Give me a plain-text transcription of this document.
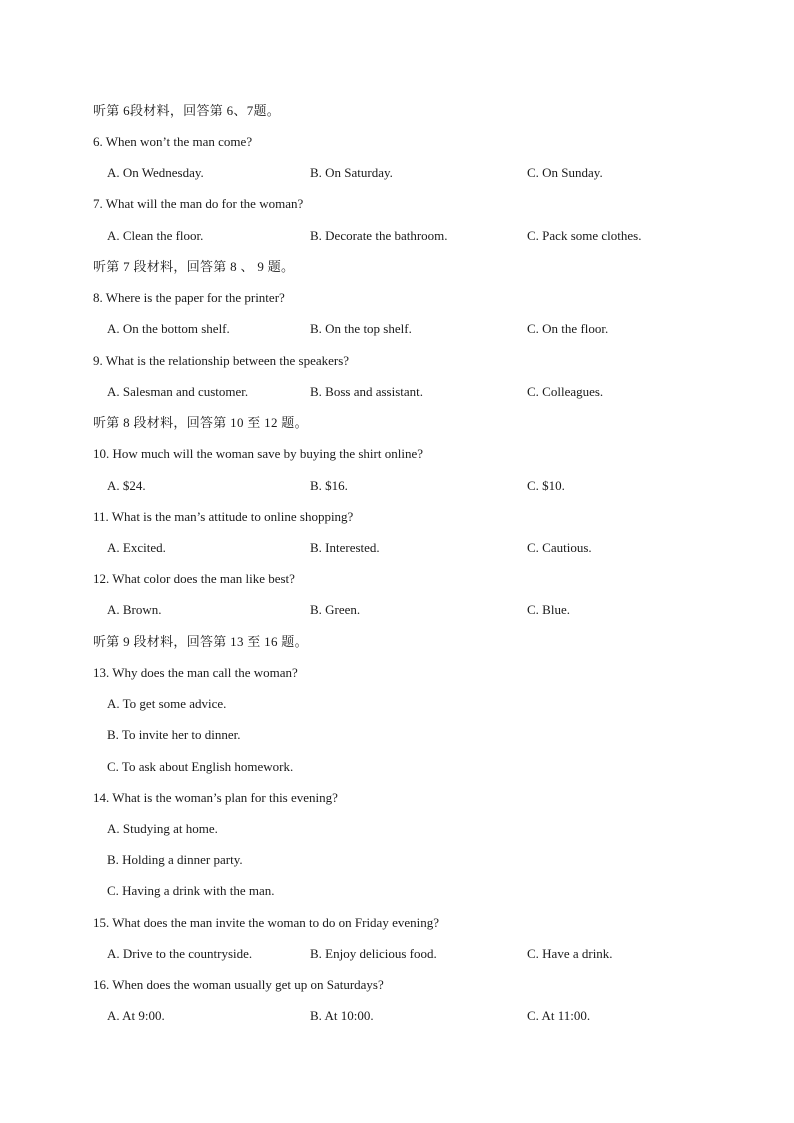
听第 6段材料，回答第 6、7题。
6. When won’t the man come?
A. On Wednesday.	B. On Saturday.	C. On Sunday.
7. What will the man do for the woman?
A. Clean the floor.	B. Decorate the bathroom.	C. Pack some clothes.
听第 7 段材料，回答第 8 、 9 题。
8. Where is the paper for the printer?
A. On the bottom shelf.	B. On the top shelf.	C. On the floor.
9. What is the relationship between the speakers?
A. Salesman and customer.	B. Boss and assistant.	C. Colleagues.
听第 8 段材料，回答第 10 至 12 题。
10. How much will the woman save by buying the shirt online?
A. $24.	B. $16.	C. $10.
11. What is the man’s attitude to online shopping?
A. Excited.	B. Interested.	C. Cautious.
12. What color does the man like best?
A. Brown.	B. Green.	C. Blue.
听第 9 段材料，回答第 13 至 16 题。
13. Why does the man call the woman?
A. To get some advice.
B. To invite her to dinner.
C. To ask about English homework.
14. What is the woman’s plan for this evening?
A. Studying at home.
B. Holding a dinner party.
C. Having a drink with the man.
15. What does the man invite the woman to do on Friday evening?
A. Drive to the countryside.	B. Enjoy delicious food.	C. Have a drink.
16. When does the woman usually get up on Saturdays?
A. At 9:00.	B. At 10:00.	C. At 11:00.
